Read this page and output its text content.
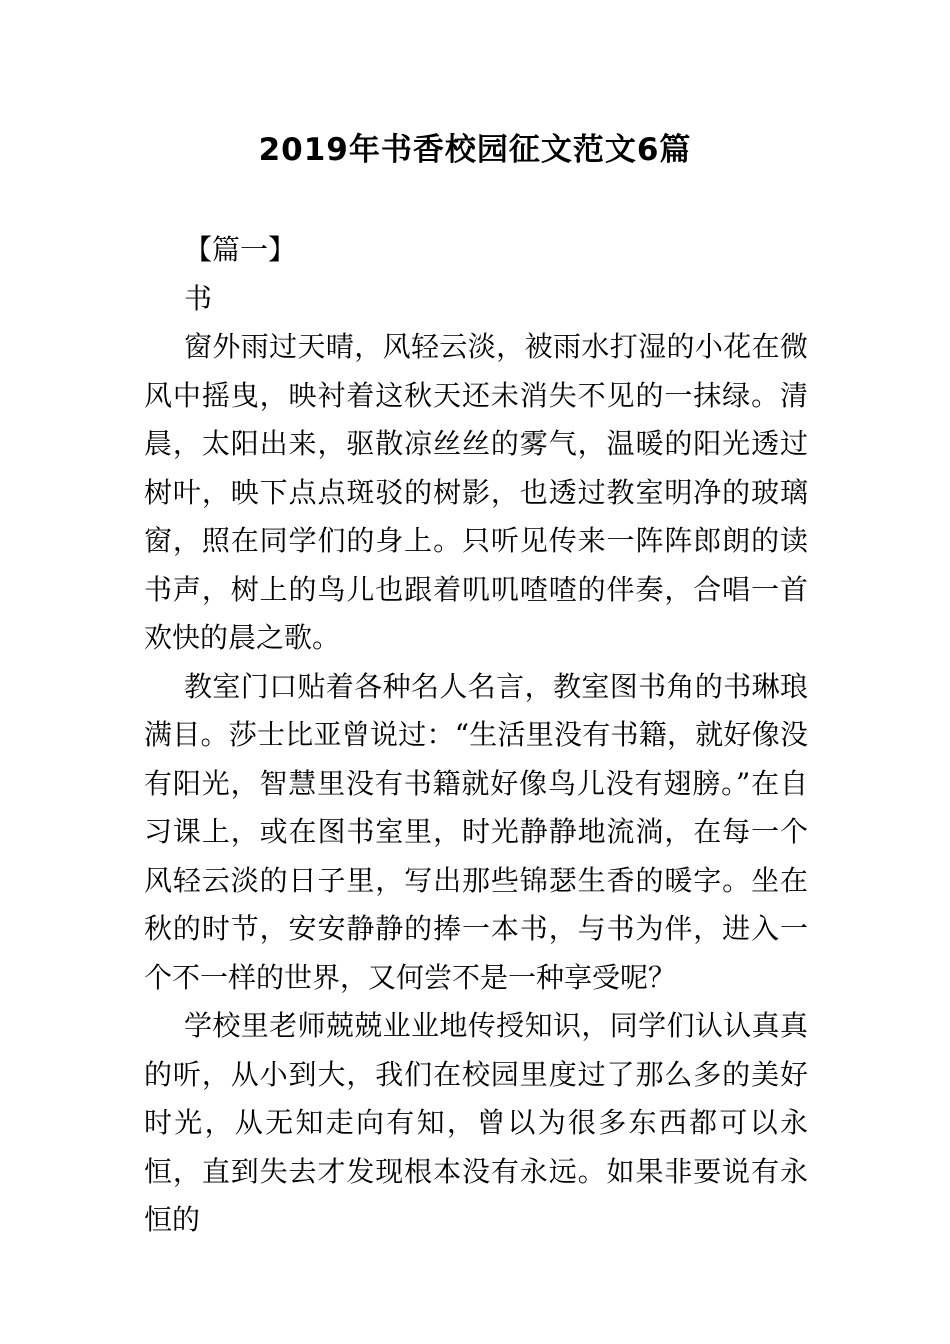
2019年书香校园征文范文6篇

【篇一】

书

窗外雨过天晴，风轻云淡，被雨水打湿的小花在微风中摇曳，映衬着这秋天还未消失不见的一抹绿。清晨，太阳出来，驱散凉丝丝的雾气，温暖的阳光透过树叶，映下点点斑驳的树影，也透过教室明净的玻璃窗，照在同学们的身上。只听见传来一阵阵郎朗的读书声，树上的鸟儿也跟着叽叽喳喳的伴奏，合唱一首欢快的晨之歌。

教室门口贴着各种名人名言，教室图书角的书琳琅满目。莎士比亚曾说过：“生活里没有书籍，就好像没有阳光，智慧里没有书籍就好像鸟儿没有翅膀。”在自习课上，或在图书室里，时光静静地流淌，在每一个风轻云淡的日子里，写出那些锦瑟生香的暖字。坐在秋的时节，安安静静的捧一本书，与书为伴，进入一个不一样的世界，又何尝不是一种享受呢？

学校里老师兢兢业业地传授知识，同学们认认真真的听，从小到大，我们在校园里度过了那么多的美好时光，从无知走向有知，曾以为很多东西都可以永恒，直到失去才发现根本没有永远。如果非要说有永恒的
